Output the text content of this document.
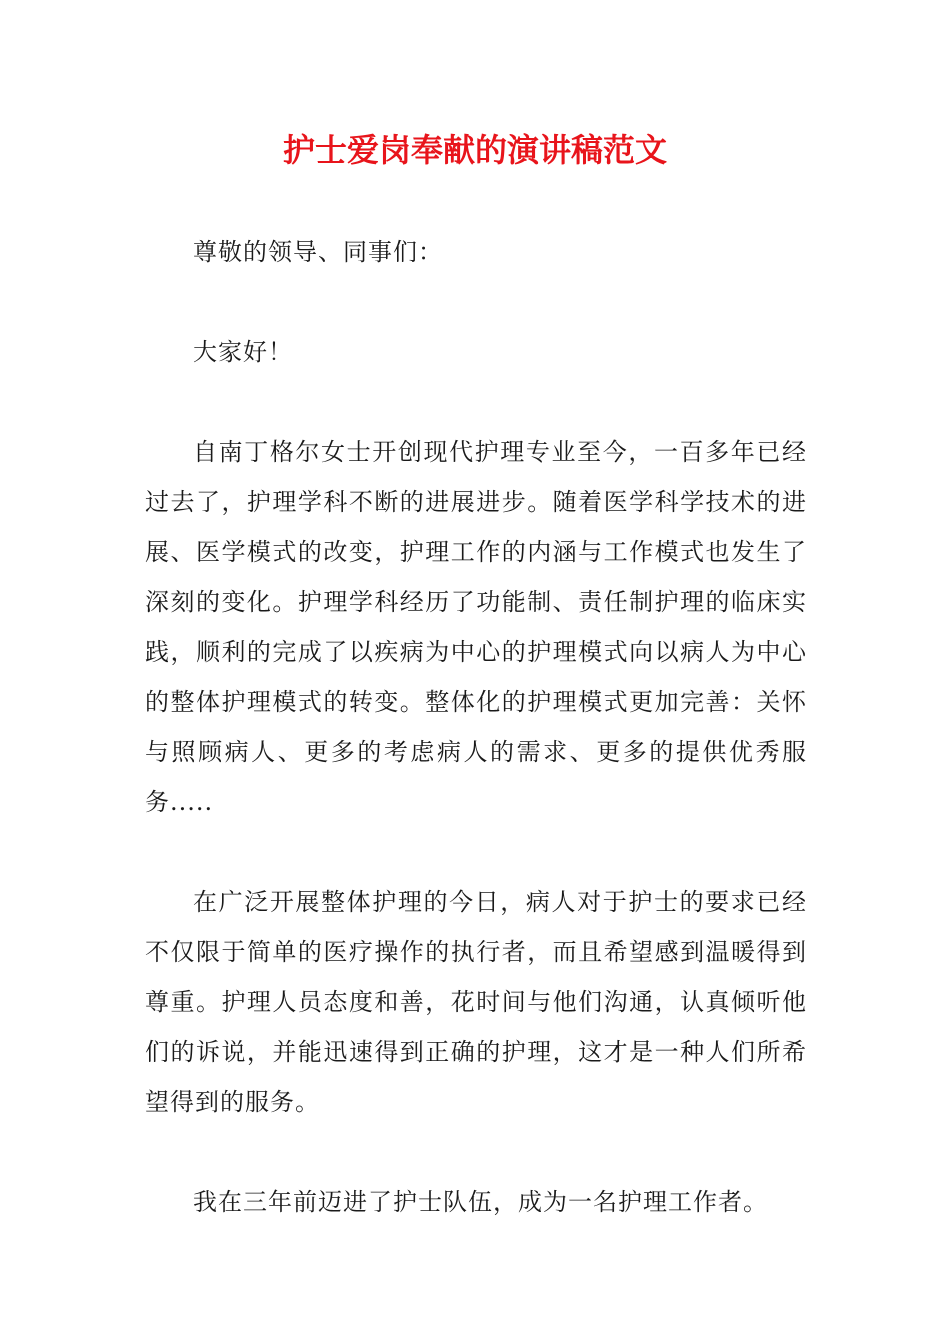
护士爱岗奉献的演讲稿范文

尊敬的领导、同事们：

大家好！

自南丁格尔女士开创现代护理专业至今，一百多年已经过去了，护理学科不断的进展进步。随着医学科学技术的进展、医学模式的改变，护理工作的内涵与工作模式也发生了深刻的变化。护理学科经历了功能制、责任制护理的临床实践，顺利的完成了以疾病为中心的护理模式向以病人为中心的整体护理模式的转变。整体化的护理模式更加完善：关怀与照顾病人、更多的考虑病人的需求、更多的提供优秀服务.....

在广泛开展整体护理的今日，病人对于护士的要求已经不仅限于简单的医疗操作的执行者，而且希望感到温暖得到尊重。护理人员态度和善，花时间与他们沟通，认真倾听他们的诉说，并能迅速得到正确的护理，这才是一种人们所希望得到的服务。

我在三年前迈进了护士队伍，成为一名护理工作者。
